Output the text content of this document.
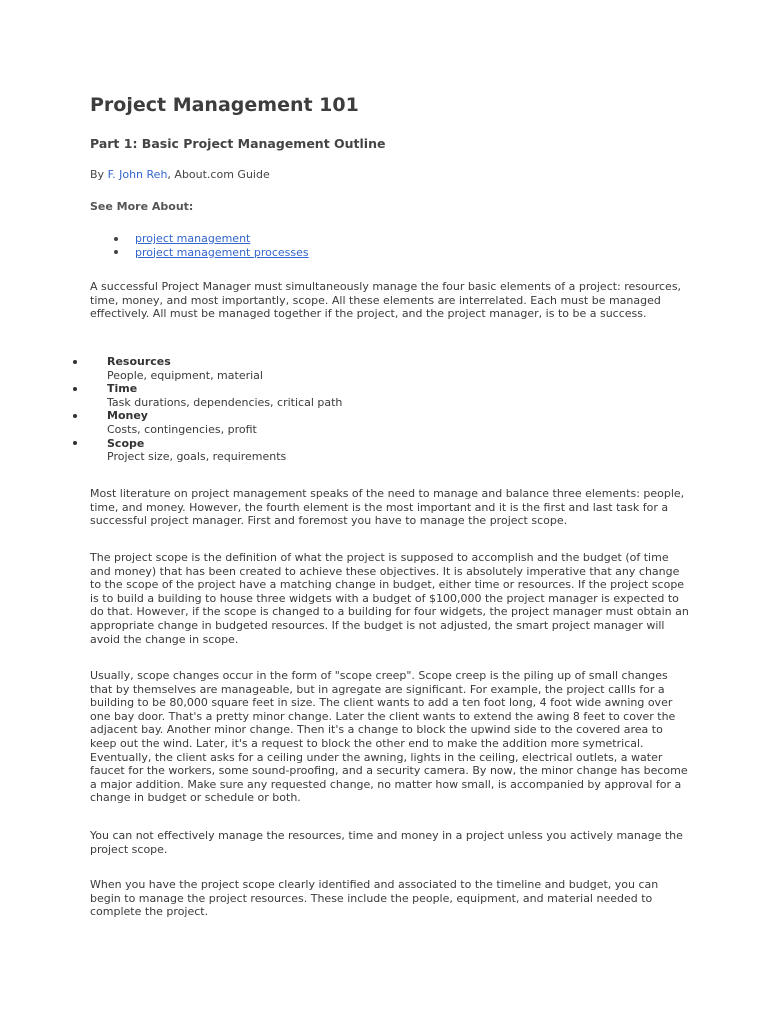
Project Management 101
Part 1: Basic Project Management Outline
By F. John Reh, About.com Guide
See More About:
project management
project management processes

A successful Project Manager must simultaneously manage the four basic elements of a project: resources, time, money, and most importantly, scope. All these elements are interrelated. Each must be managed effectively. All must be managed together if the project, and the project manager, is to be a success.

Resources
People, equipment, material
Time
Task durations, dependencies, critical path
Money
Costs, contingencies, profit
Scope
Project size, goals, requirements

Most literature on project management speaks of the need to manage and balance three elements: people, time, and money. However, the fourth element is the most important and it is the first and last task for a successful project manager. First and foremost you have to manage the project scope.

The project scope is the definition of what the project is supposed to accomplish and the budget (of time and money) that has been created to achieve these objectives. It is absolutely imperative that any change to the scope of the project have a matching change in budget, either time or resources. If the project scope is to build a building to house three widgets with a budget of $100,000 the project manager is expected to do that. However, if the scope is changed to a building for four widgets, the project manager must obtain an appropriate change in budgeted resources. If the budget is not adjusted, the smart project manager will avoid the change in scope.

Usually, scope changes occur in the form of "scope creep". Scope creep is the piling up of small changes that by themselves are manageable, but in agregate are significant. For example, the project callls for a building to be 80,000 square feet in size. The client wants to add a ten foot long, 4 foot wide awning over one bay door. That's a pretty minor change. Later the client wants to extend the awing 8 feet to cover the adjacent bay. Another minor change. Then it's a change to block the upwind side to the covered area to keep out the wind. Later, it's a request to block the other end to make the addition more symetrical. Eventually, the client asks for a ceiling under the awning, lights in the ceiling, electrical outlets, a water faucet for the workers, some sound-proofing, and a security camera. By now, the minor change has become a major addition. Make sure any requested change, no matter how small, is accompanied by approval for a change in budget or schedule or both.

You can not effectively manage the resources, time and money in a project unless you actively manage the project scope.

When you have the project scope clearly identified and associated to the timeline and budget, you can begin to manage the project resources. These include the people, equipment, and material needed to complete the project.
